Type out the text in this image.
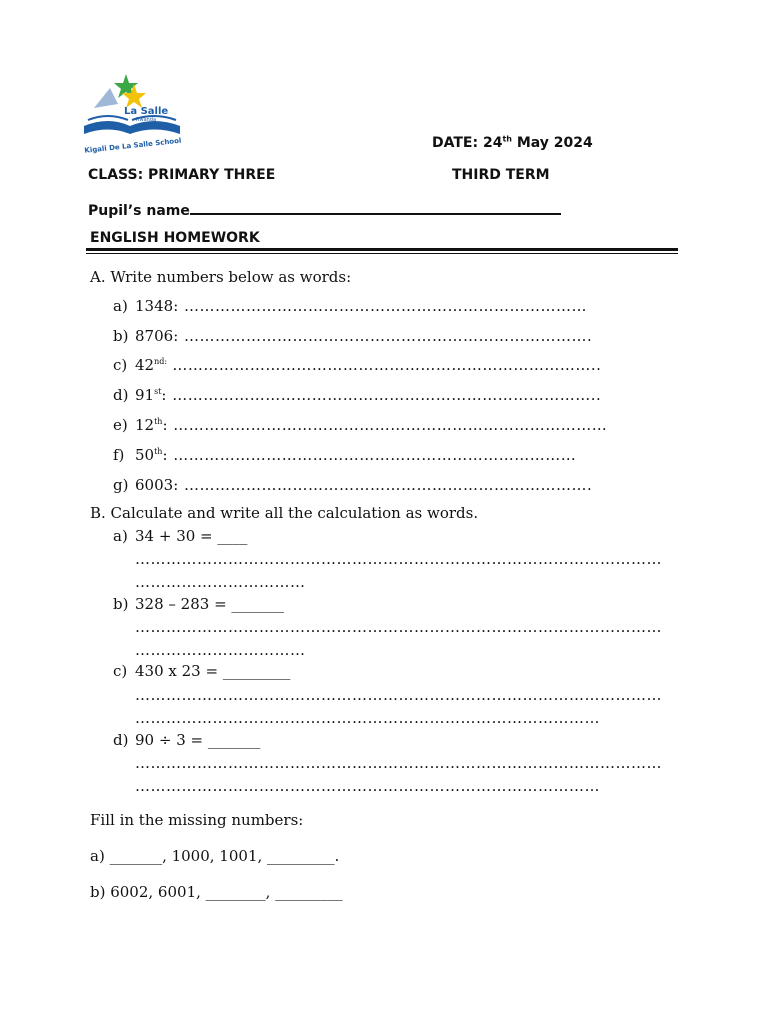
La Salle
Rwanda
Kigali De La Salle School	DATE: 24th May 2024
CLASS: PRIMARY THREE	THIRD TERM
Pupil’s name
ENGLISH HOMEWORK
A. Write numbers below as words:
a) 1348: ……………………………………………………………………
b) 8706: …………………………………………………………………….
c) $42^{nd:}$ ………………………………………………………………………..
d) 91st: ………………………………………………………………………..
e) 12th: …………………………………………………………………………
f) 50th: ……………………………………………………………………
g) 6003: …………………………………………………………………….
B. Calculate and write all the calculation as words.
a) 34 + 30 = ____
…………………………………………………………………………………………
……………………………
b) 328 – 283 = _______
…………………………………………………………………………………………
……………………………
c) 430 x 23 = _________
…………………………………………………………………………………………
………………………………………………………………………………
d) 90 ÷ 3 = _______
…………………………………………………………………………………………
………………………………………………………………………………
Fill in the missing numbers:
a) _______, 1000, 1001, _________.
b) 6002, 6001, ________, _________
